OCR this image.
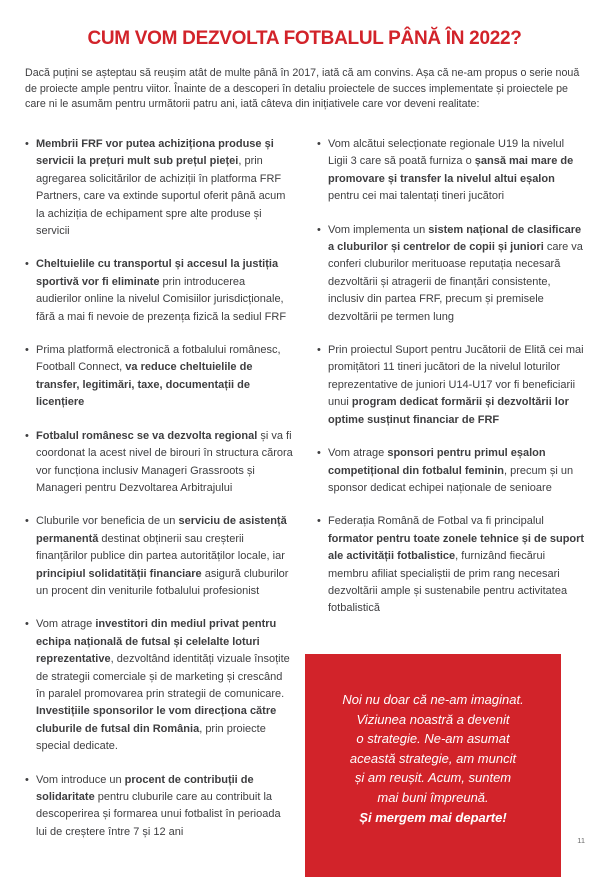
CUM VOM DEZVOLTA FOTBALUL PÂNĂ ÎN 2022?
Dacă puțini se așteptau să reușim atât de multe până în 2017, iată că am convins. Așa că ne-am propus o serie nouă de proiecte ample pentru viitor. Înainte de a descoperi în detaliu proiectele de succes implementate și proiectele pe care ni le asumăm pentru următorii patru ani, iată câteva din inițiativele care vor deveni realitate:
• Membrii FRF vor putea achiziționa produse și servicii la prețuri mult sub prețul pieței, prin agregarea solicitărilor de achiziții în platforma FRF Partners, care va extinde suportul oferit până acum la achiziția de echipament spre alte produse și servicii
• Cheltuielile cu transportul și accesul la justiția sportivă vor fi eliminate prin introducerea audierilor online la nivelul Comisiilor jurisdicționale, fără a mai fi nevoie de prezența fizică la sediul FRF
• Prima platformă electronică a fotbalului românesc, Football Connect, va reduce cheltuielile de transfer, legitimări, taxe, documentații de licențiere
• Fotbalul românesc se va dezvolta regional și va fi coordonat la acest nivel de birouri în structura cărora vor funcționa inclusiv Manageri Grassroots și Manageri pentru Dezvoltarea Arbitrajului
• Cluburile vor beneficia de un serviciu de asistență permanentă destinat obținerii sau creșterii finanțărilor publice din partea autorităților locale, iar principiul solidatității financiare asigură cluburilor un procent din veniturile fotbalului profesionist
• Vom atrage investitori din mediul privat pentru echipa națională de futsal și celelalte loturi reprezentative, dezvoltând identități vizuale însoțite de strategii comerciale și de marketing și crescând în paralel promovarea prin strategii de comunicare. Investițiile sponsorilor le vom direcționa către cluburile de futsal din România, prin proiecte special dedicate.
• Vom introduce un procent de contribuții de solidaritate pentru cluburile care au contribuit la descoperirea și formarea unui fotbalist în perioada lui de creștere între 7 și 12 ani
• Vom alcătui selecționate regionale U19 la nivelul Ligii 3 care să poată furniza o șansă mai mare de promovare și transfer la nivelul altui eșalon pentru cei mai talentați tineri jucători
• Vom implementa un sistem național de clasificare a cluburilor și centrelor de copii și juniori care va conferi cluburilor merituoase reputația necesară dezvoltării și atragerii de finanțări consistente, inclusiv din partea FRF, precum și premisele dezvoltării pe termen lung
• Prin proiectul Suport pentru Jucătorii de Elită cei mai promițători 11 tineri jucători de la nivelul loturilor reprezentative de juniori U14-U17 vor fi beneficiarii unui program dedicat formării și dezvoltării lor optime susținut financiar de FRF
• Vom atrage sponsori pentru primul eșalon competițional din fotbalul feminin, precum și un sponsor dedicat echipei naționale de senioare
• Federația Română de Fotbal va fi principalul formator pentru toate zonele tehnice și de suport ale activității fotbalistice, furnizând fiecărui membru afiliat specialiștii de prim rang necesari dezvoltării ample și sustenabile pentru activitatea fotbalistică
Noi nu doar că ne-am imaginat.
Viziunea noastră a devenit
o strategie. Ne-am asumat
această strategie, am muncit
și am reușit. Acum, suntem
mai buni împreună.
Și mergem mai departe!
11
